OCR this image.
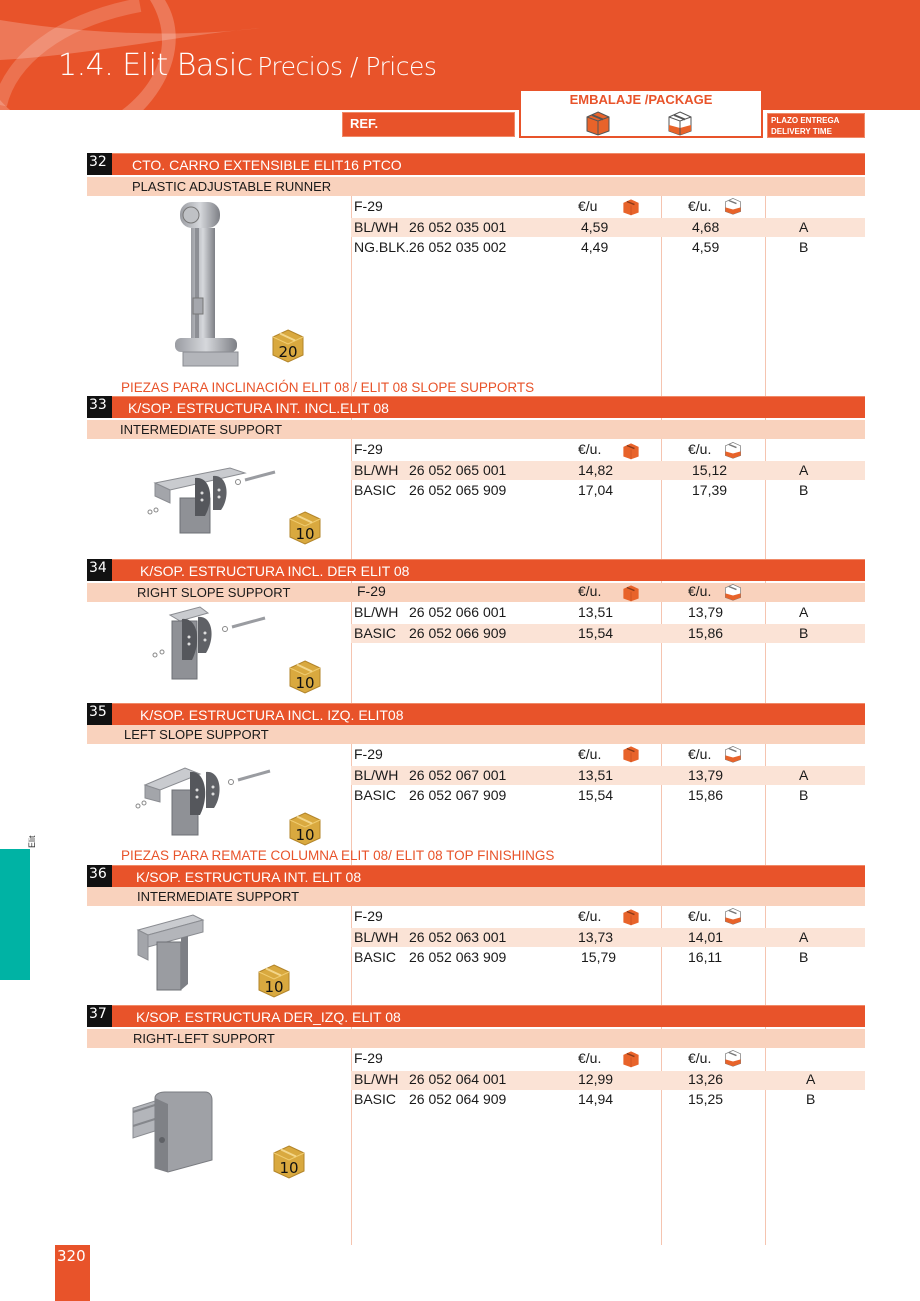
1.4. Elit Basic Precios / Prices
REF.
EMBALAJE /PACKAGE
PLAZO ENTREGA
DELIVERY TIME
32	CTO. CARRO EXTENSIBLE ELIT16 PTCO
PLASTIC ADJUSTABLE RUNNER
F-29	€/u	€/u.
BL/WH 26 052 035 001	4,59	4,68	A
NG.BLK. 26 052 035 002	4,49	4,59	B
20
PIEZAS PARA INCLINACIÓN ELIT 08 / ELIT 08 SLOPE SUPPORTS
33	K/SOP. ESTRUCTURA INT. INCL.ELIT 08
INTERMEDIATE SUPPORT
F-29	€/u.	€/u.
BL/WH 26 052 065 001	14,82	15,12	A
BASIC 26 052 065 909	17,04	17,39	B
10
34	K/SOP. ESTRUCTURA INCL. DER ELIT 08
RIGHT SLOPE SUPPORT	F-29	€/u.	€/u.
BL/WH 26 052 066 001	13,51	13,79	A
BASIC 26 052 066 909	15,54	15,86	B
10
35	K/SOP. ESTRUCTURA INCL. IZQ. ELIT08
LEFT SLOPE SUPPORT
F-29	€/u.	€/u.
BL/WH 26 052 067 001	13,51	13,79	A
BASIC 26 052 067 909	15,54	15,86	B
10
PIEZAS PARA REMATE COLUMNA ELIT 08/ ELIT 08 TOP FINISHINGS
36	K/SOP. ESTRUCTURA INT. ELIT 08
INTERMEDIATE SUPPORT
F-29	€/u.	€/u.
BL/WH 26 052 063 001	13,73	14,01	A
BASIC 26 052 063 909	15,79	16,11	B
10
37	K/SOP. ESTRUCTURA DER_IZQ. ELIT 08
RIGHT-LEFT SUPPORT
F-29	€/u.	€/u.
BL/WH 26 052 064 001	12,99	13,26	A
BASIC 26 052 064 909	14,94	15,25	B
10
Elit
320
